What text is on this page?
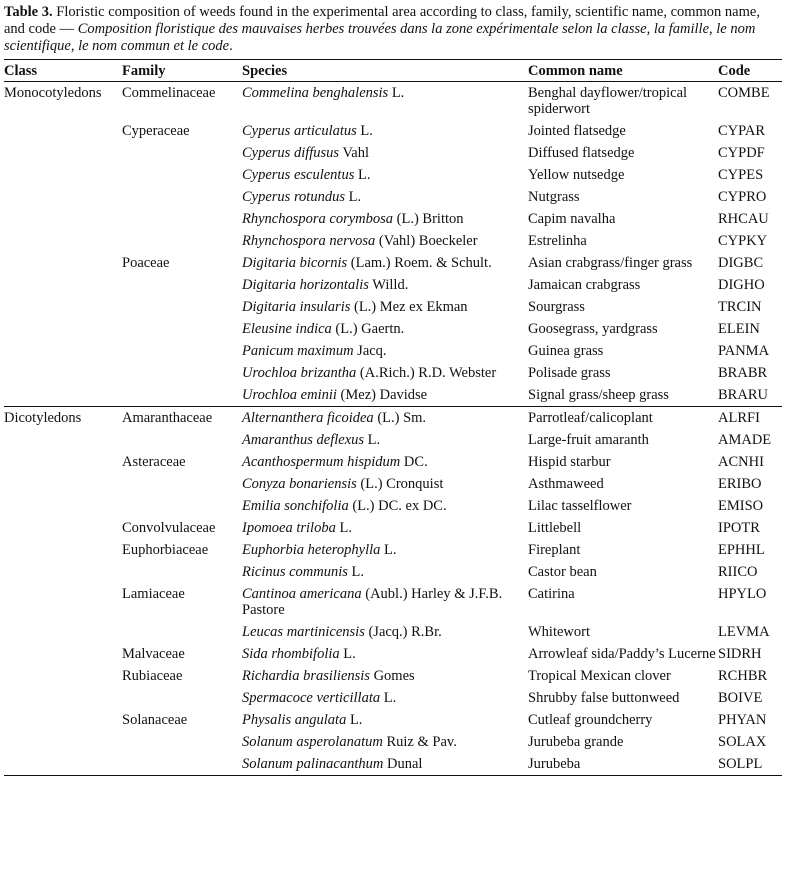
Table 3. Floristic composition of weeds found in the experimental area according to class, family, scientific name, common name, and code — Composition floristique des mauvaises herbes trouvées dans la zone expérimentale selon la classe, la famille, le nom scientifique, le nom commun et le code.

Class	Family	Species	Common name	Code
Monocotyledons	Commelinaceae	Commelina benghalensis L.	Benghal dayflower/tropical spiderwort	COMBE
	Cyperaceae	Cyperus articulatus L.	Jointed flatsedge	CYPAR
		Cyperus diffusus Vahl	Diffused flatsedge	CYPDF
		Cyperus esculentus L.	Yellow nutsedge	CYPES
		Cyperus rotundus L.	Nutgrass	CYPRO
		Rhynchospora corymbosa (L.) Britton	Capim navalha	RHCAU
		Rhynchospora nervosa (Vahl) Boeckeler	Estrelinha	CYPKY
	Poaceae	Digitaria bicornis (Lam.) Roem. & Schult.	Asian crabgrass/finger grass	DIGBC
		Digitaria horizontalis Willd.	Jamaican crabgrass	DIGHO
		Digitaria insularis (L.) Mez ex Ekman	Sourgrass	TRCIN
		Eleusine indica (L.) Gaertn.	Goosegrass, yardgrass	ELEIN
		Panicum maximum Jacq.	Guinea grass	PANMA
		Urochloa brizantha (A.Rich.) R.D. Webster	Polisade grass	BRABR
		Urochloa eminii (Mez) Davidse	Signal grass/sheep grass	BRARU
Dicotyledons	Amaranthaceae	Alternanthera ficoidea (L.) Sm.	Parrotleaf/calicoplant	ALRFI
		Amaranthus deflexus L.	Large-fruit amaranth	AMADE
	Asteraceae	Acanthospermum hispidum DC.	Hispid starbur	ACNHI
		Conyza bonariensis (L.) Cronquist	Asthmaweed	ERIBO
		Emilia sonchifolia (L.) DC. ex DC.	Lilac tasselflower	EMISO
	Convolvulaceae	Ipomoea triloba L.	Littlebell	IPOTR
	Euphorbiaceae	Euphorbia heterophylla L.	Fireplant	EPHHL
		Ricinus communis L.	Castor bean	RIICO
	Lamiaceae	Cantinoa americana (Aubl.) Harley & J.F.B. Pastore	Catirina	HPYLO
		Leucas martinicensis (Jacq.) R.Br.	Whitewort	LEVMA
	Malvaceae	Sida rhombifolia L.	Arrowleaf sida/Paddy’s Lucerne	SIDRH
	Rubiaceae	Richardia brasiliensis Gomes	Tropical Mexican clover	RCHBR
		Spermacoce verticillata L.	Shrubby false buttonweed	BOIVE
	Solanaceae	Physalis angulata L.	Cutleaf groundcherry	PHYAN
		Solanum asperolanatum Ruiz & Pav.	Jurubeba grande	SOLAX
		Solanum palinacanthum Dunal	Jurubeba	SOLPL
